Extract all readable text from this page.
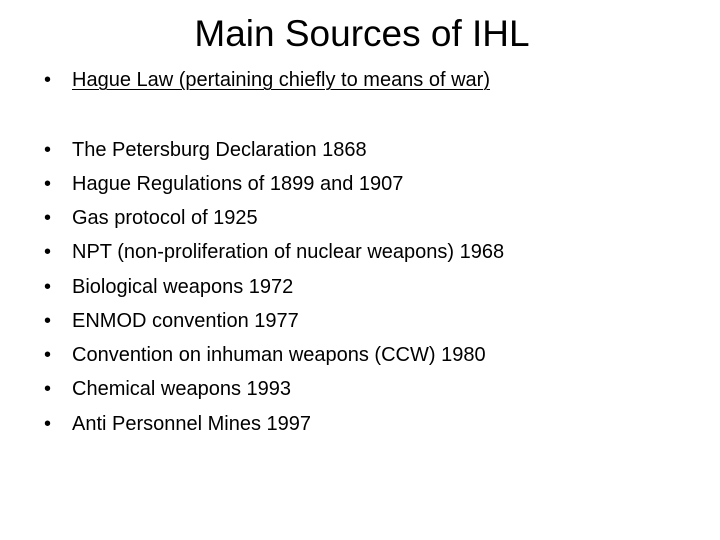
Main Sources of IHL
• Hague Law (pertaining chiefly to means of war)
• The Petersburg Declaration 1868
• Hague Regulations of 1899 and 1907
• Gas protocol of 1925
• NPT (non-proliferation of nuclear weapons) 1968
• Biological weapons 1972
• ENMOD convention 1977
• Convention on inhuman weapons (CCW) 1980
• Chemical weapons 1993
• Anti Personnel Mines 1997
